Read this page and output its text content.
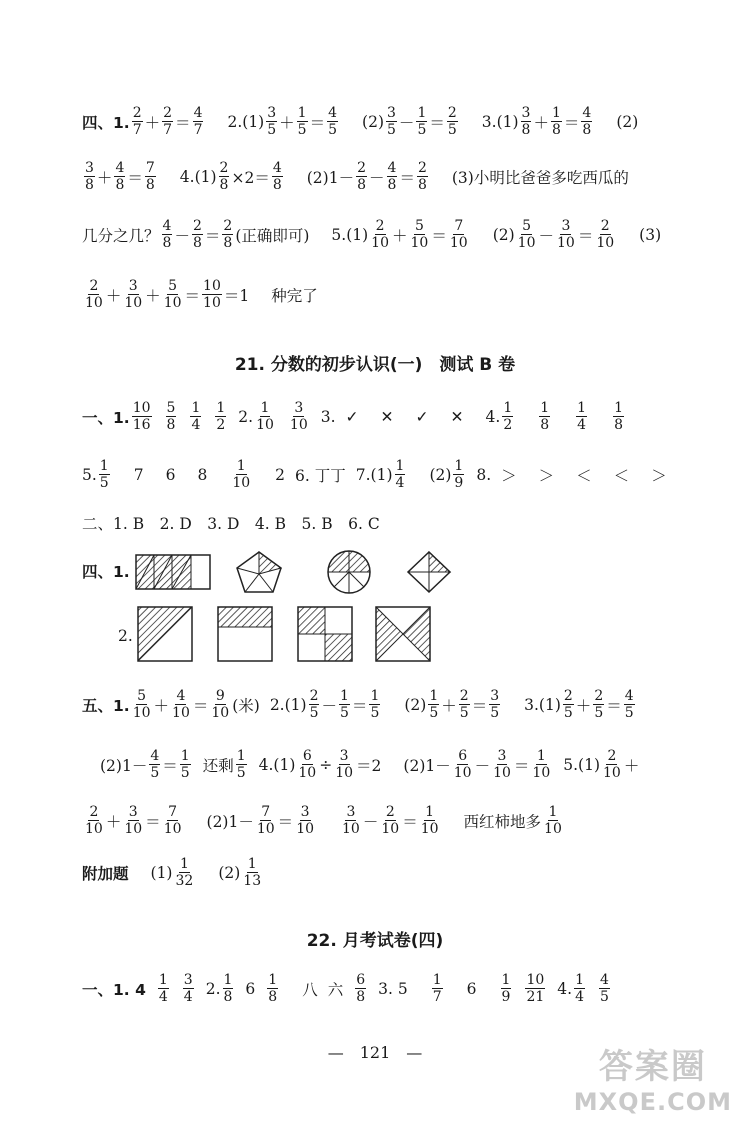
四、1. $\frac{2}{7} + \frac{2}{7} = \frac{4}{7} 2.(1) \frac{3}{5} + \frac{1}{5} = \frac{4}{5} (2) \frac{3}{5} - \frac{1}{5} = \frac{2}{5} 3.(1) \frac{3}{8} + \frac{1}{8} = \frac{4}{8} (2)$
$\frac{3}{8} + \frac{4}{8} = \frac{7}{8} 4.(1) \frac{2}{8} \times 2= \frac{4}{8} (2)1- \frac{2}{8} - \frac{4}{8} = \frac{2}{8} (3)$小明比爸爸多吃西瓜的
几分之几？ $\frac{4}{8} - \frac{2}{8} = \frac{2}{8}$ (正确即可) $5.(1) \frac{2}{10} + \frac{5}{10} = \frac{7}{10} (2) \frac{5}{10} - \frac{3}{10} = \frac{2}{10} (3)$
$\frac{2}{10} + \frac{3}{10} + \frac{5}{10} = \frac{10}{10} =1$ 种完了
21. 分数的初步认识(一)　测试 B 卷
一、1. $\frac{10}{16} \frac{5}{8} \frac{1}{4} \frac{1}{2} 2$. $\frac{1}{10} \frac{3}{10} 3$. ✓ ✕ ✓ ✕ 4. $\frac{1}{2} \frac{1}{8} \frac{1}{4} \frac{1}{8}$
5. $\frac{1}{5} 7$ 6 $8 \frac{1}{10} 2$ 6. 丁丁 $7.(1) \frac{1}{4} (2) \frac{1}{9} 8$. ＞ ＞ ＜ ＜ ＞
二、1. B　2. D　3. D　4. B　5. B　6. C
四、1.
2.
五、1. $\frac{5}{10} + \frac{4}{10} = \frac{9}{10}$ (米) $2.(1) \frac{2}{5} - \frac{1}{5} = \frac{1}{5} (2) \frac{1}{5} + \frac{2}{5} = \frac{3}{5} 3.(1) \frac{2}{5} + \frac{2}{5} = \frac{4}{5}$
$(2)1- \frac{4}{5} = \frac{1}{5}$ 还剩 $\frac{1}{5} 4.(1) \frac{6}{10} \div \frac{3}{10} =2$ $(2)1- \frac{6}{10} - \frac{3}{10} = \frac{1}{10} 5.(1) \frac{2}{10}$ ＋
$\frac{2}{10} + \frac{3}{10} = \frac{7}{10} (2)1- \frac{7}{10} = \frac{3}{10} \frac{3}{10} - \frac{2}{10} = \frac{1}{10}$ 西红柿地多 $\frac{1}{10}$
附加题 $(1) \frac{1}{32} (2) \frac{1}{13}$
22. 月考试卷(四)
一、1. $4 \frac{1}{4} \frac{3}{4} 2$. $\frac{1}{8} 6 \frac{1}{8}$ 八 六 $\frac{6}{8} 3$. $5 \frac{1}{7} 6 \frac{1}{9} \frac{10}{21} 4$. $\frac{1}{4} \frac{4}{5}$
—　121　—	答案圈
MXQE.COM
